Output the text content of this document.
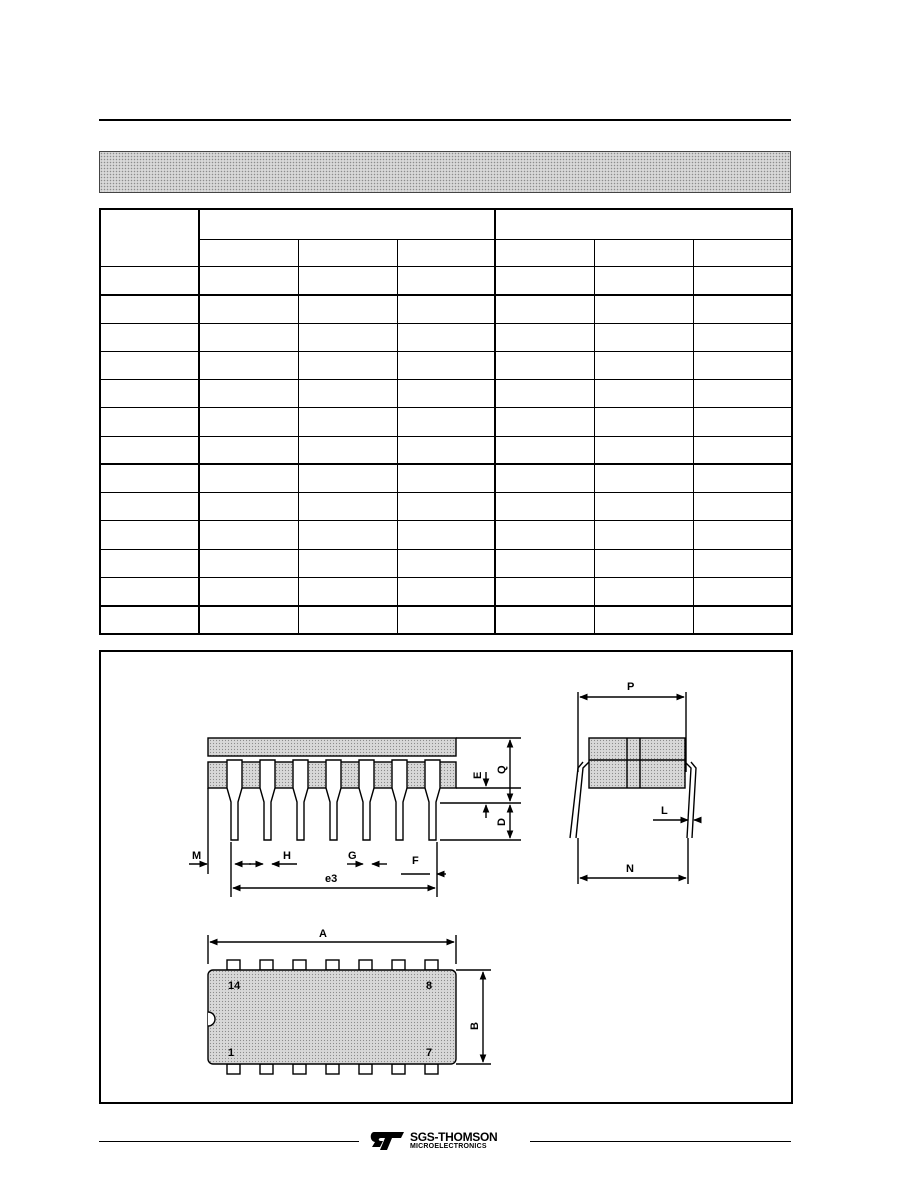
P
Q
E
D
L
M	H	G	F
e3
N
A
B
14	8
1	7
SGS-THOMSON
MICROELECTRONICS
